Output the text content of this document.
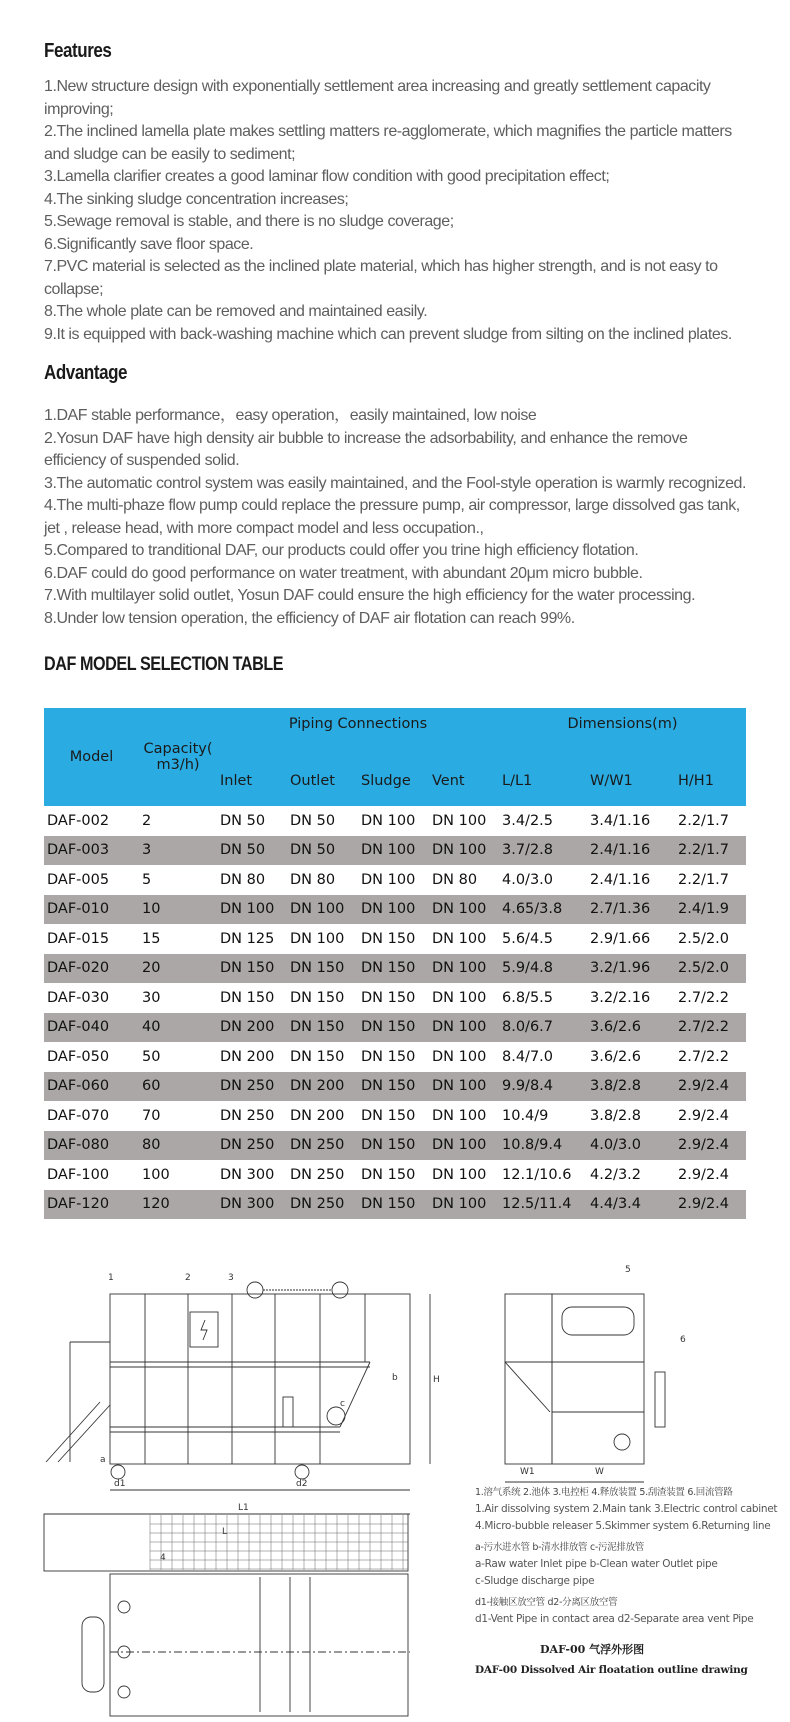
Features
1.New structure design with exponentially settlement area increasing and greatly settlement capacity improving;
2.The inclined lamella plate makes settling matters re-agglomerate, which magnifies the particle matters and sludge can be easily to sediment;
3.Lamella clarifier creates a good laminar flow condition with good precipitation effect;
4.The sinking sludge concentration increases;
5.Sewage removal is stable, and there is no sludge coverage;
6.Significantly save floor space.
7.PVC material is selected as the inclined plate material, which has higher strength, and is not easy to collapse;
8.The whole plate can be removed and maintained easily.
9.It is equipped with back-washing machine which can prevent sludge from silting on the inclined plates.
Advantage
1.DAF stable performance，easy operation，easily maintained, low noise
2.Yosun DAF have high density air bubble to increase the adsorbability, and enhance the remove efficiency of suspended solid.
3.The automatic control system was easily maintained, and the Fool-style operation is warmly recognized.
4.The multi-phaze flow pump could replace the pressure pump, air compressor, large dissolved gas tank, jet , release head, with more compact model and less occupation.,
5.Compared to tranditional DAF, our products could offer you trine high efficiency flotation.
6.DAF could do good performance on water treatment, with abundant 20μm micro bubble.
7.With multilayer solid outlet, Yosun DAF could ensure the high efficiency for the water processing.
8.Under low tension operation, the efficiency of DAF air flotation can reach 99%.
DAF MODEL SELECTION TABLE
Model	Capacity( m3/h)	Piping Connections				Dimensions(m)		
		Inlet	Outlet	Sludge	Vent	L/L1	W/W1	H/H1
DAF-002	2	DN 50	DN 50	DN 100	DN 100	3.4/2.5	3.4/1.16	2.2/1.7
DAF-003	3	DN 50	DN 50	DN 100	DN 100	3.7/2.8	2.4/1.16	2.2/1.7
DAF-005	5	DN 80	DN 80	DN 100	DN 80	4.0/3.0	2.4/1.16	2.2/1.7
DAF-010	10	DN 100	DN 100	DN 100	DN 100	4.65/3.8	2.7/1.36	2.4/1.9
DAF-015	15	DN 125	DN 100	DN 150	DN 100	5.6/4.5	2.9/1.66	2.5/2.0
DAF-020	20	DN 150	DN 150	DN 150	DN 100	5.9/4.8	3.2/1.96	2.5/2.0
DAF-030	30	DN 150	DN 150	DN 150	DN 100	6.8/5.5	3.2/2.16	2.7/2.2
DAF-040	40	DN 200	DN 150	DN 150	DN 100	8.0/6.7	3.6/2.6	2.7/2.2
DAF-050	50	DN 200	DN 150	DN 150	DN 100	8.4/7.0	3.6/2.6	2.7/2.2
DAF-060	60	DN 250	DN 200	DN 150	DN 100	9.9/8.4	3.8/2.8	2.9/2.4
DAF-070	70	DN 250	DN 200	DN 150	DN 100	10.4/9	3.8/2.8	2.9/2.4
DAF-080	80	DN 250	DN 250	DN 150	DN 100	10.8/9.4	4.0/3.0	2.9/2.4
DAF-100	100	DN 300	DN 250	DN 150	DN 100	12.1/10.6	4.2/3.2	2.9/2.4
DAF-120	120	DN 300	DN 250	DN 150	DN 100	12.5/11.4	4.4/3.4	2.9/2.4
1	2	3
a
b
c
d1	d2
L1
L
H
5
6
W1	W
4
1.溶气系统 2.池体 3.电控柜 4.释放装置 5.刮渣装置 6.回流管路
1.Air dissolving system 2.Main tank 3.Electric control cabinet
4.Micro-bubble releaser 5.Skimmer system 6.Returning line
a-污水进水管 b-清水排放管 c-污泥排放管
a-Raw water Inlet pipe b-Clean water Outlet pipe
c-Sludge discharge pipe
d1-接触区放空管 d2-分离区放空管
d1-Vent Pipe in contact area d2-Separate area vent Pipe
DAF-00 气浮外形图
DAF-00 Dissolved Air floatation outline drawing
